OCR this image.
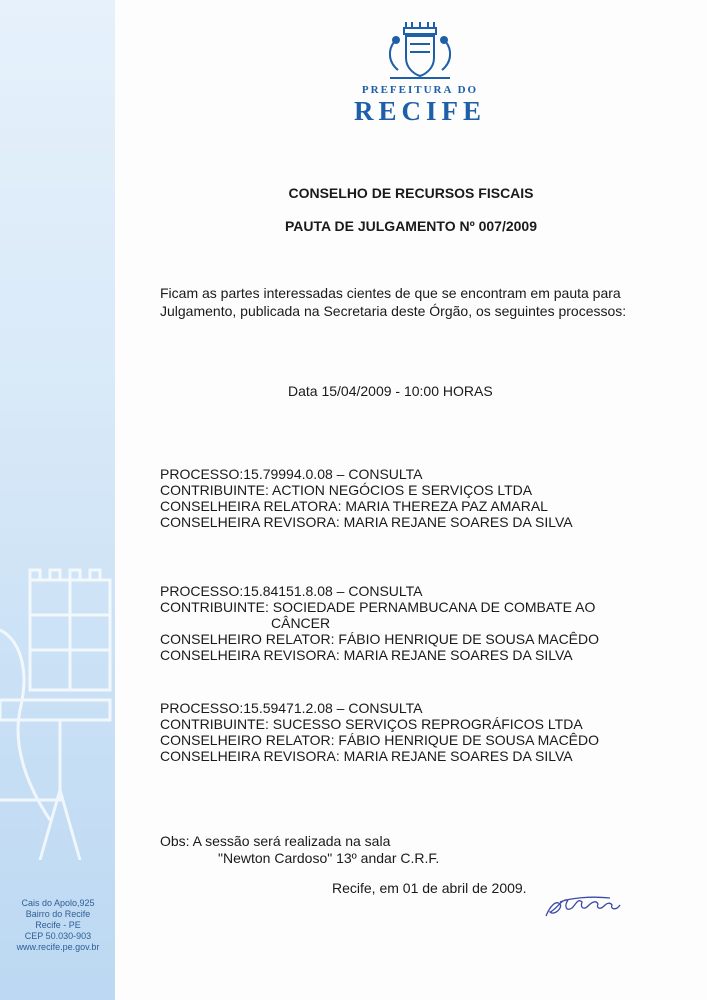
Cais do Apolo,925
Bairro do Recife
Recife - PE
CEP 50.030-903
www.recife.pe.gov.br
PREFEITURA DO
RECIFE
CONSELHO DE RECURSOS FISCAIS
PAUTA DE JULGAMENTO Nº 007/2009
Ficam as partes interessadas cientes de que se encontram em pauta para
Julgamento, publicada na Secretaria deste Órgão, os seguintes processos:
Data 15/04/2009 - 10:00 HORAS
PROCESSO:15.79994.0.08 – CONSULTA
CONTRIBUINTE: ACTION NEGÓCIOS E SERVIÇOS LTDA
CONSELHEIRA RELATORA: MARIA THEREZA PAZ AMARAL
CONSELHEIRA REVISORA: MARIA REJANE SOARES DA SILVA
PROCESSO:15.84151.8.08 – CONSULTA
CONTRIBUINTE: SOCIEDADE PERNAMBUCANA DE COMBATE AO
CÂNCER
CONSELHEIRO RELATOR: FÁBIO HENRIQUE DE SOUSA MACÊDO
CONSELHEIRA REVISORA: MARIA REJANE SOARES DA SILVA
PROCESSO:15.59471.2.08 – CONSULTA
CONTRIBUINTE: SUCESSO SERVIÇOS REPROGRÁFICOS LTDA
CONSELHEIRO RELATOR: FÁBIO HENRIQUE DE SOUSA MACÊDO
CONSELHEIRA REVISORA: MARIA REJANE SOARES DA SILVA
Obs: A sessão será realizada na sala
"Newton Cardoso" 13º andar C.R.F.
Recife, em 01 de abril de 2009.
